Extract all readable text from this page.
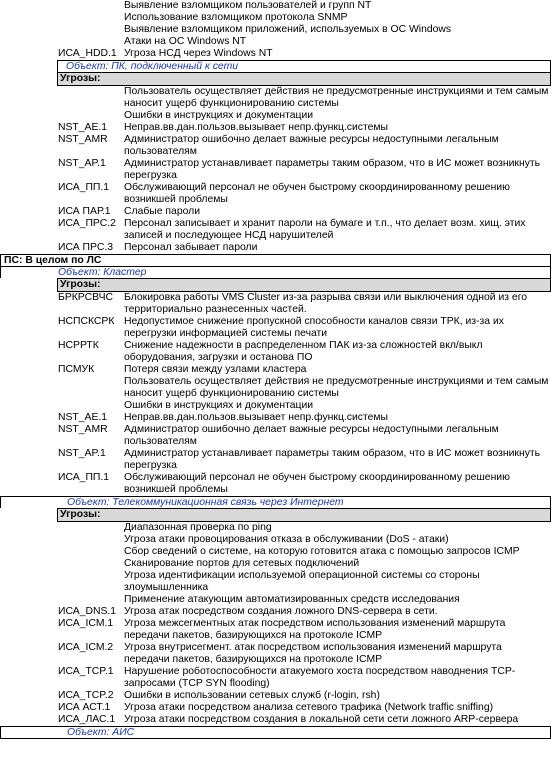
Выявление взломщиком пользователей и групп NT
Использование взломщиком протокола SNMP
Выявление взломщиком приложений, используемых в ОС Windows
Атаки на ОС Windows NT
ИСА_HDD.1 Угроза НСД через Windows NT
Объект: ПК, подключенный к сети
Угрозы:
Пользователь осуществляет действия не предусмотренные инструкциями и тем самым наносит ущерб функционированию системы
Ошибки в инструкциях и документации
NST_AE.1	Неправ.вв.дан.пользов.вызывает непр.функц.системы
NST_AMR	Администратор ошибочно делает важные ресурсы недоступными легальным пользователям
NST_AP.1	Администратор устанавливает параметры таким образом, что в ИС может возникнуть перегрузка
ИСА_ПП.1	Обслуживающий персонал не обучен быстрому скоординированному решению возникшей проблемы
ИСА ПАР.1	Слабые пароли
ИСА_ПРС.2 Персонал записывает и хранит пароли на бумаге и т.п., что делает возм. хищ. этих записей и последующее НСД нарушителей
ИСА ПРС.3	Персонал забывает пароли
ПС: В целом по ЛС
Объект: Кластер
Угрозы:
БРКРСВЧС	Блокировка работы VMS Cluster из-за разрыва связи или выключения одной из его территориально разнесенных частей.
НСПСКСРК Недопустимое снижение пропускной способности каналов связи ТРК, из-за их перегрузки информацией системы печати
НСРРТК	Снижение надежности в распределенном ПАК из-за сложностей вкл/выкл оборудования, загрузки и останова ПО
ПСМУК	Потеря связи между узлами кластера
Пользователь осуществляет действия не предусмотренные инструкциями и тем самым наносит ущерб функционированию системы
Ошибки в инструкциях и документации
NST_AE.1	Неправ.вв.дан.пользов.вызывает непр.функц.системы
NST_AMR	Администратор ошибочно делает важные ресурсы недоступными легальным пользователям
NST_AP.1	Администратор устанавливает параметры таким образом, что в ИС может возникнуть перегрузка
ИСА_ПП.1	Обслуживающий персонал не обучен быстрому скоординированному решению возникшей проблемы
Объект: Телекоммуникационная связь через Интернет
Угрозы:
Диапазонная проверка по ping
Угроза атаки провоцирования отказа в обслуживании (DoS - атаки)
Сбор сведений о системе, на которую готовится атака с помощью запросов ICMP
Сканирование портов для сетевых подключений
Угроза идентификации используемой операционной системы со стороны злоумышленника
Применение атакующим автоматизированных средств исследования
ИСА_DNS.1 Угроза атак посредством создания ложного DNS-сервера в сети.
ИСА_ICM.1	Угроза межсегментных атак посредством использования изменений маршрута передачи пакетов, базирующихся на протоколе ICMP
ИСА_ICM.2	Угроза внутрисегмент. атак посредством использования изменений маршрута передачи пакетов, базирующихся на протоколе ICMP
ИСА_TCP.1	Нарушение роботоспособности атакуемого хоста посредством наводнения TCP-запросами (TCP SYN flooding)
ИСА_TCP.2	Ошибки в использовании сетевых служб (r-login, rsh)
ИСА АСТ.1	Угроза атаки посредством анализа сетевого трафика (Network traffic sniffing)
ИСА_ЛАС.1 Угроза атаки посредством создания в локальной сети сети ложного ARP-сервера
Объект: АИС
